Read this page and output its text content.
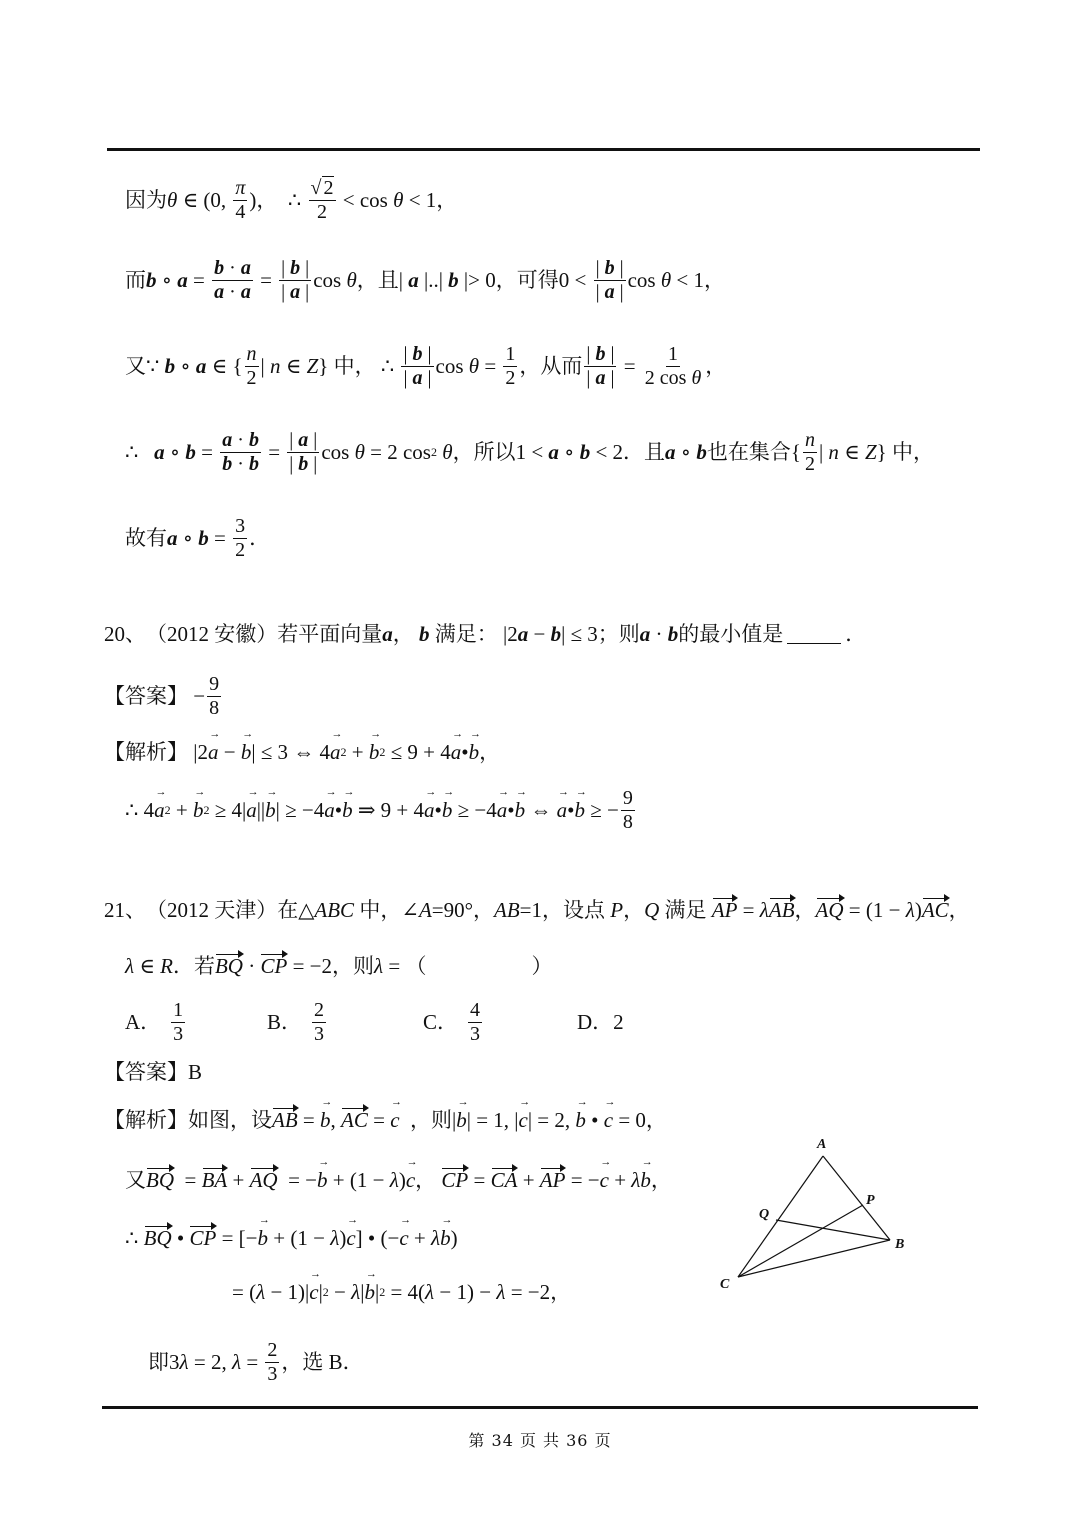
因为 θ ∈ (0, $\frac{\pi}{4}$ ) ， ∴ $\frac{√ 2}{2} < \cos \theta < 1$ ，
而 b ∘ $a = \frac{b \cdot a}{a \cdot a} = \frac{| b |}{| a |}$ cos θ ，且 | a |..| b |> 0 ，可得 $0 < \frac{| b |}{| a |}$ cos θ < 1 ，
又 ∵ b ∘ a ∈ { $\frac{n}{2}$ | n ∈ Z } 中， ∴ $\frac{| b |}{| a |}$ $\cos \theta = \frac{1}{2}$ ，从而 $\frac{| b |}{| a |} = \frac{1}{\text{2 cos θ}}$ ，
∴ a ∘ $b = \frac{a \cdot b}{b \cdot b} = \frac{| a |}{| b |}$ cos θ = 2 cos 2
θ ， 所以 1 < a ∘ b < 2 ．且 a ∘ b 也在集合 { $\frac{n}{2}$ | n ∈ Z } 中，
故有 a ∘ $b = \frac{3}{2}$ ．
20、 （2012 安徽） 若平面向量 a ，
b
满足： |2 a − b | ≤ 3 ；则 a · b 的最小值是	．
【答案】 − $\frac{9}{8}$
【解析】 |2 → a − → b | ≤ 3 ⇔ 4 → a 2 + → b 2 ≤ 9 + 4 → a • → b ，
∴ 4 → a 2 + → b 2 ≥ 4| → a || → b | ≥ −4 → a • → b ⇒ 9 + 4 → a • → b ≥ −4 → a • → b ⇔ → a • → b ≥ − $\frac{9}{8}$
21、 （2012 天津） 在△ ABC
中，∠ A =90°， AB =1，设点
P ， Q
满足
AP = λ AB ， AQ = (1 − λ ) AC ，
λ ∈ R ．若 BQ · CP = −2 ，则 λ = （　　　　　）
A． $\frac{1}{3}$	B． $\frac{2}{3}$	C． $\frac{4}{3}$	D．2
【答案】 B
【解析】 如图，设 AB = → b , AC = → c
，则 | → b | = 1, | → c | = 2, → b • → c = 0 ，
又 BQ = BA + AQ = − → b + (1 − λ ) → c ， CP = CA + AP = − → c + λ → b ，
∴ BQ • CP = [− → b + (1 − λ ) → c ] • (− → c + λ → b )
= ( λ − 1)| → c | 2 − λ | → b | 2 = 4( λ − 1) − λ = −2，
即 3 λ = 2, $\lambda = \frac{2}{3}$ ，选 B．
A
P
Q
B
C
第 34 页 共 36 页
